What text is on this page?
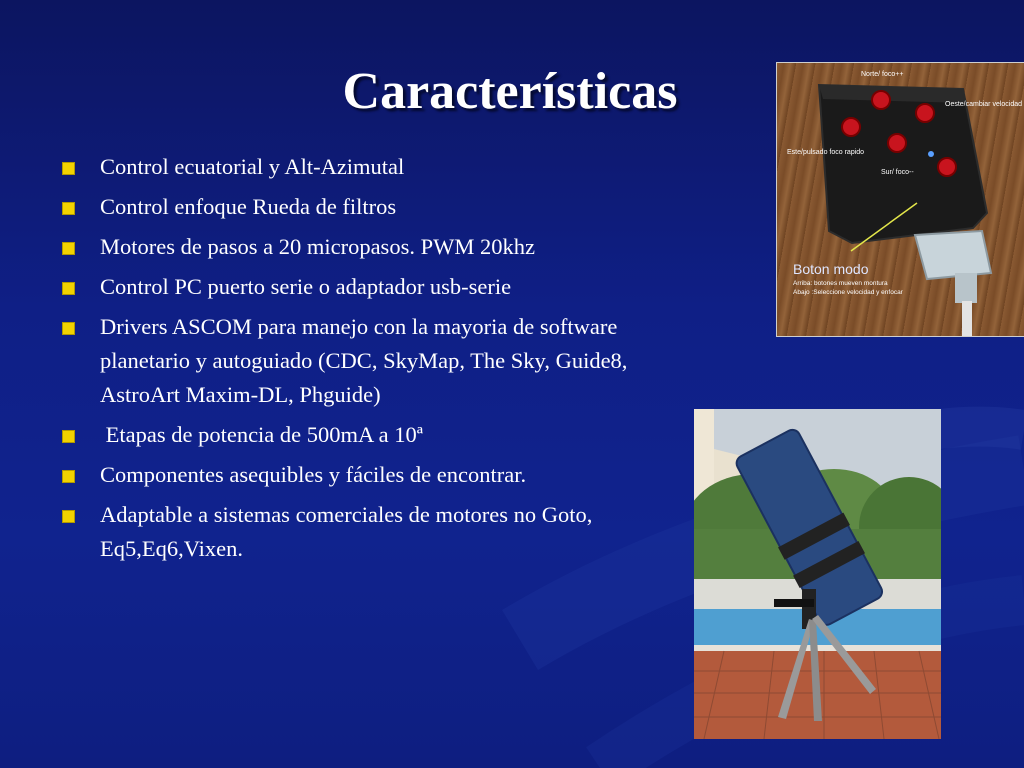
Características
Control ecuatorial y Alt-Azimutal
Control enfoque Rueda de filtros
Motores de pasos a 20 micropasos. PWM 20khz
Control PC puerto serie o adaptador usb-serie
Drivers ASCOM para manejo con la mayoria de software planetario y autoguiado (CDC, SkyMap, The Sky, Guide8, AstroArt Maxim-DL, Phguide)
Etapas de potencia de 500mA a 10ª
Componentes asequibles y fáciles de encontrar.
Adaptable a sistemas comerciales de motores no Goto, Eq5,Eq6,Vixen.
Norte/ foco++
Oeste/cambiar velocidad
Este/pulsado foco rapido
Sur/ foco--
Boton modo
Arriba: botones mueven montura
Abajo :Seleccione velocidad y enfocar
